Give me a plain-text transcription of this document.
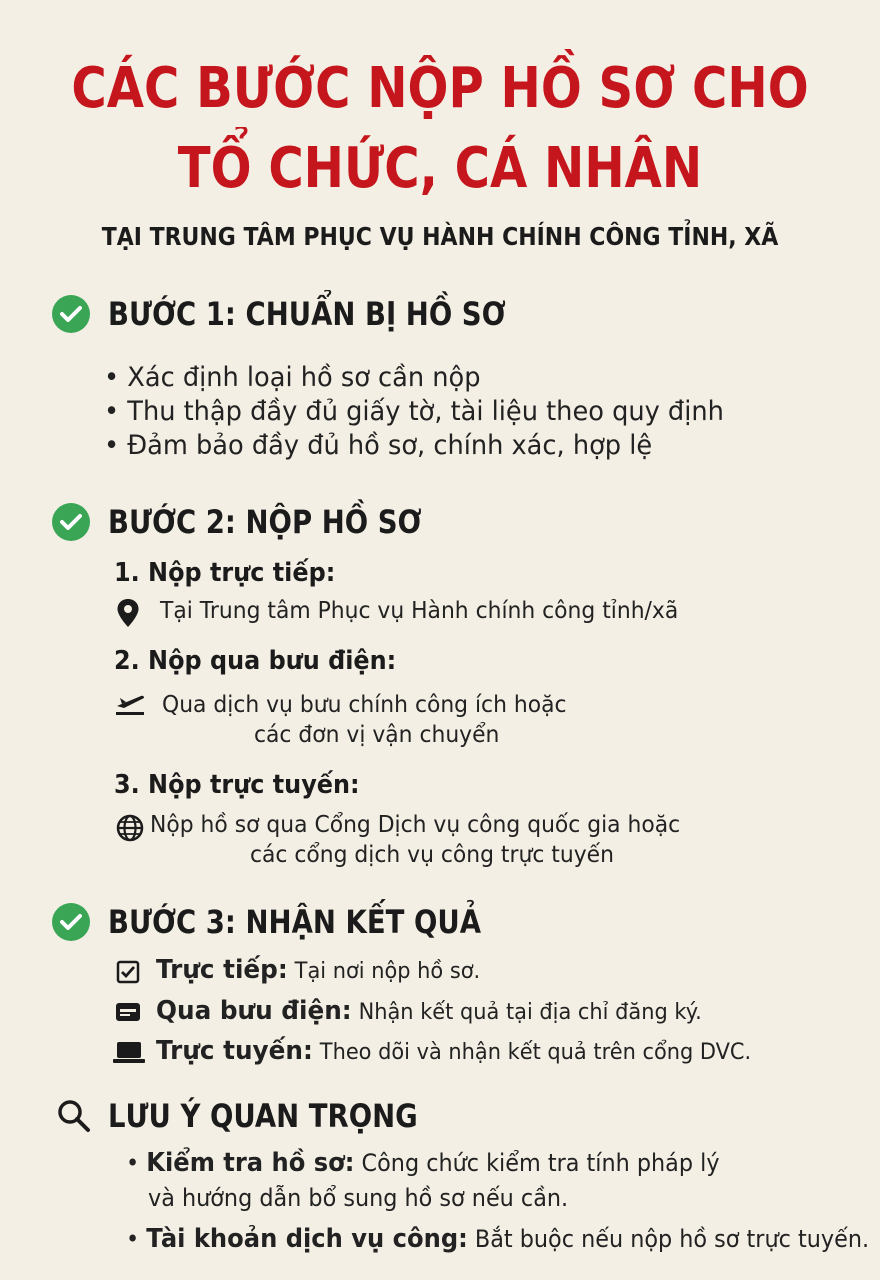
CÁC BƯỚC NỘP HỒ SƠ CHO
TỔ CHỨC, CÁ NHÂN
TẠI TRUNG TÂM PHỤC VỤ HÀNH CHÍNH CÔNG TỈNH, XÃ
BƯỚC 1: CHUẨN BỊ HỒ SƠ
• Xác định loại hồ sơ cần nộp
• Thu thập đầy đủ giấy tờ, tài liệu theo quy định
• Đảm bảo đầy đủ hồ sơ, chính xác, hợp lệ
BƯỚC 2: NỘP HỒ SƠ
1. Nộp trực tiếp:
Tại Trung tâm Phục vụ Hành chính công tỉnh/xã
2. Nộp qua bưu điện:
Qua dịch vụ bưu chính công ích hoặc
các đơn vị vận chuyển
3. Nộp trực tuyến:
Nộp hồ sơ qua Cổng Dịch vụ công quốc gia hoặc
các cổng dịch vụ công trực tuyến
BƯỚC 3: NHẬN KẾT QUẢ
Trực tiếp: Tại nơi nộp hồ sơ.
Qua bưu điện: Nhận kết quả tại địa chỉ đăng ký.
Trực tuyến: Theo dõi và nhận kết quả trên cổng DVC.
LƯU Ý QUAN TRỌNG
• Kiểm tra hồ sơ: Công chức kiểm tra tính pháp lý
và hướng dẫn bổ sung hồ sơ nếu cần.
• Tài khoản dịch vụ công: Bắt buộc nếu nộp hồ sơ trực tuyến.
